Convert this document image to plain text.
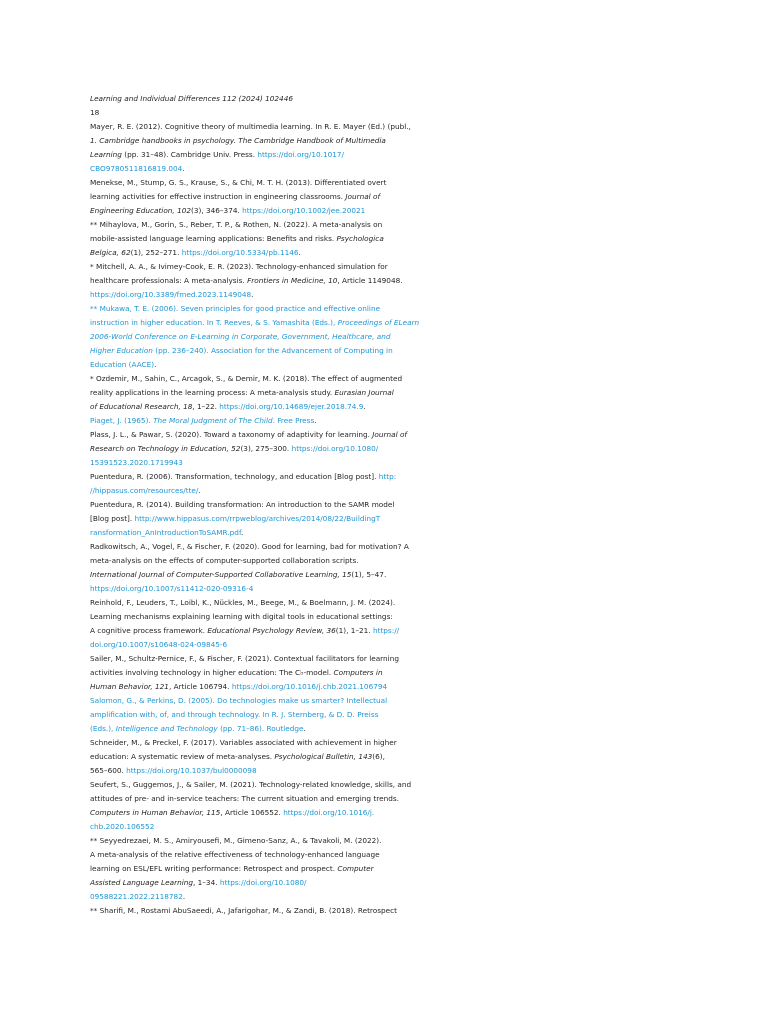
Learning and Individual Differences 112 (2024) 102446
18
Mayer, R. E. (2012). Cognitive theory of multimedia learning. In R. E. Mayer (Ed.) (publ.,
1. Cambridge handbooks in psychology. The Cambridge Handbook of Multimedia
Learning (pp. 31–48). Cambridge Univ. Press. https://doi.org/10.1017/
CBO9780511816819.004.
Menekse, M., Stump, G. S., Krause, S., & Chi, M. T. H. (2013). Differentiated overt
learning activities for effective instruction in engineering classrooms. Journal of
Engineering Education, 102(3), 346–374. https://doi.org/10.1002/jee.20021
** Mihaylova, M., Gorin, S., Reber, T. P., & Rothen, N. (2022). A meta-analysis on
mobile-assisted language learning applications: Benefits and risks. Psychologica
Belgica, 62(1), 252–271. https://doi.org/10.5334/pb.1146.
* Mitchell, A. A., & Ivimey-Cook, E. R. (2023). Technology-enhanced simulation for
healthcare professionals: A meta-analysis. Frontiers in Medicine, 10, Article 1149048.
https://doi.org/10.3389/fmed.2023.1149048.
** Mukawa, T. E. (2006). Seven principles for good practice and effective online
instruction in higher education. In T. Reeves, & S. Yamashita (Eds.), Proceedings of ELearn
2006-World Conference on E-Learning in Corporate, Government, Healthcare, and
Higher Education (pp. 236–240). Association for the Advancement of Computing in
Education (AACE).
* Ozdemir, M., Sahin, C., Arcagok, S., & Demir, M. K. (2018). The effect of augmented
reality applications in the learning process: A meta-analysis study. Eurasian Journal
of Educational Research, 18, 1–22. https://doi.org/10.14689/ejer.2018.74.9.
Piaget, J. (1965). The Moral Judgment of The Child. Free Press.
Plass, J. L., & Pawar, S. (2020). Toward a taxonomy of adaptivity for learning. Journal of
Research on Technology in Education, 52(3), 275–300. https://doi.org/10.1080/
15391523.2020.1719943
Puentedura, R. (2006). Transformation, technology, and education [Blog post]. http:
//hippasus.com/resources/tte/.
Puentedura, R. (2014). Building transformation: An introduction to the SAMR model
[Blog post]. http://www.hippasus.com/rrpweblog/archives/2014/08/22/BuildingT
ransformation_AnIntroductionToSAMR.pdf.
Radkowitsch, A., Vogel, F., & Fischer, F. (2020). Good for learning, bad for motivation? A
meta-analysis on the effects of computer-supported collaboration scripts.
International Journal of Computer-Supported Collaborative Learning, 15(1), 5–47.
https://doi.org/10.1007/s11412-020-09316-4
Reinhold, F., Leuders, T., Loibl, K., Nückles, M., Beege, M., & Boelmann, J. M. (2024).
Learning mechanisms explaining learning with digital tools in educational settings:
A cognitive process framework. Educational Psychology Review, 36(1), 1–21. https://
doi.org/10.1007/s10648-024-09845-6
Sailer, M., Schultz-Pernice, F., & Fischer, F. (2021). Contextual facilitators for learning
activities involving technology in higher education: The C♭-model. Computers in
Human Behavior, 121, Article 106794. https://doi.org/10.1016/j.chb.2021.106794
Salomon, G., & Perkins, D. (2005). Do technologies make us smarter? Intellectual
amplification with, of, and through technology. In R. J. Sternberg, & D. D. Preiss
(Eds.), Intelligence and Technology (pp. 71–86). Routledge.
Schneider, M., & Preckel, F. (2017). Variables associated with achievement in higher
education: A systematic review of meta-analyses. Psychological Bulletin, 143(6),
565–600. https://doi.org/10.1037/bul0000098
Seufert, S., Guggemos, J., & Sailer, M. (2021). Technology-related knowledge, skills, and
attitudes of pre- and in-service teachers: The current situation and emerging trends.
Computers in Human Behavior, 115, Article 106552. https://doi.org/10.1016/j.
chb.2020.106552
** Seyyedrezaei, M. S., Amiryousefi, M., Gimeno-Sanz, A., & Tavakoli, M. (2022).
A meta-analysis of the relative effectiveness of technology-enhanced language
learning on ESL/EFL writing performance: Retrospect and prospect. Computer
Assisted Language Learning, 1–34. https://doi.org/10.1080/
09588221.2022.2118782.
** Sharifi, M., Rostami AbuSaeedi, A., Jafarigohar, M., & Zandi, B. (2018). Retrospect
